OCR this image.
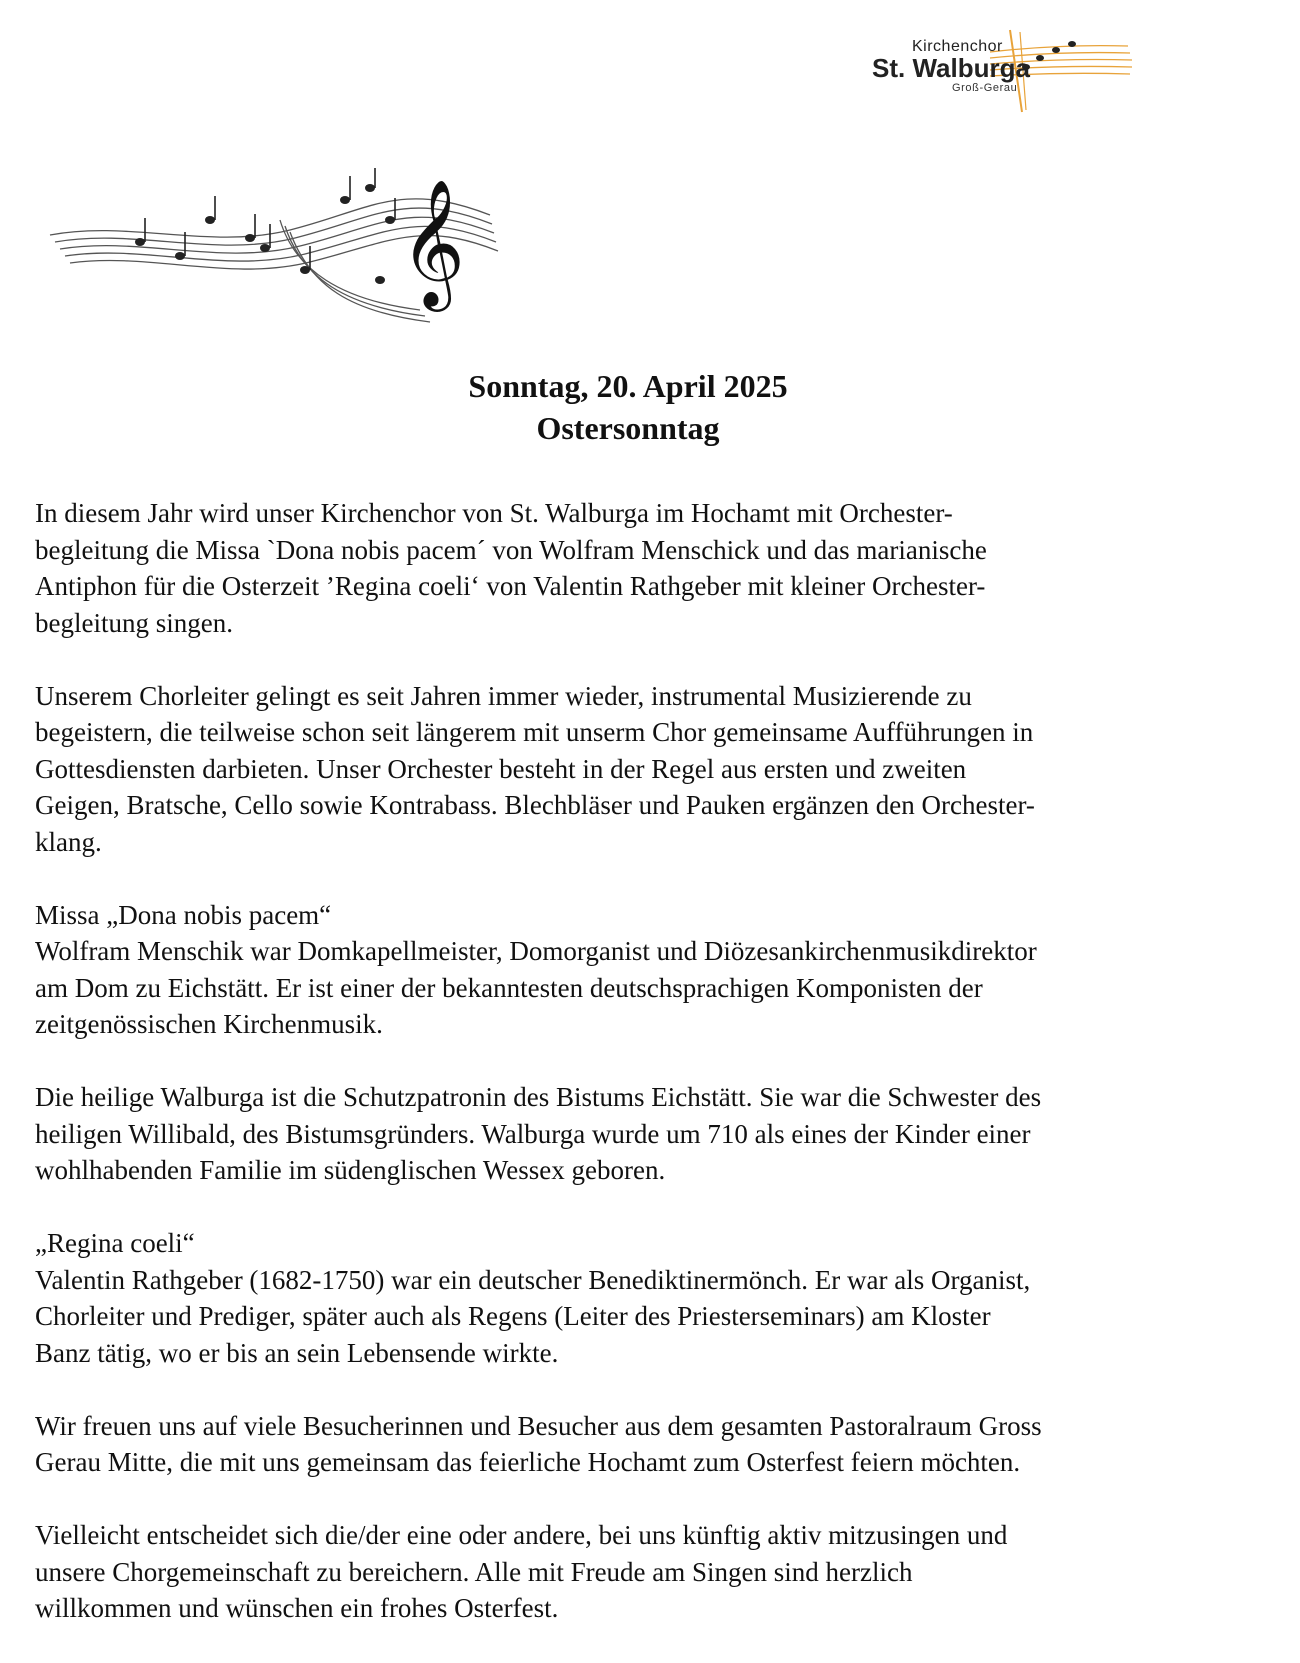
Kirchenchor
St. Walburga
Groß-Gerau
𝄞
Sonntag, 20. April 2025
Ostersonntag

In diesem Jahr wird unser Kirchenchor von St. Walburga im Hochamt mit Orchester-
begleitung die Missa `Dona nobis pacem´ von Wolfram Menschick und das marianische
Antiphon für die Osterzeit ’Regina coeli‘ von Valentin Rathgeber mit kleiner Orchester-
begleitung singen.

Unserem Chorleiter gelingt es seit Jahren immer wieder, instrumental Musizierende zu
begeistern, die teilweise schon seit längerem mit unserm Chor gemeinsame Aufführungen in
Gottesdiensten darbieten. Unser Orchester besteht in der Regel aus ersten und zweiten
Geigen, Bratsche, Cello sowie Kontrabass. Blechbläser und Pauken ergänzen den Orchester-
klang.

Missa „Dona nobis pacem“
Wolfram Menschik war Domkapellmeister, Domorganist und Diözesankirchenmusikdirektor
am Dom zu Eichstätt. Er ist einer der bekanntesten deutschsprachigen Komponisten der
zeitgenössischen Kirchenmusik.

Die heilige Walburga ist die Schutzpatronin des Bistums Eichstätt. Sie war die Schwester des
heiligen Willibald, des Bistumsgründers. Walburga wurde um 710 als eines der Kinder einer
wohlhabenden Familie im südenglischen Wessex geboren.

„Regina coeli“
Valentin Rathgeber (1682-1750) war ein deutscher Benediktinermönch. Er war als Organist,
Chorleiter und Prediger, später auch als Regens (Leiter des Priesterseminars) am Kloster
Banz tätig, wo er bis an sein Lebensende wirkte.

Wir freuen uns auf viele Besucherinnen und Besucher aus dem gesamten Pastoralraum Gross
Gerau Mitte, die mit uns gemeinsam das feierliche Hochamt zum Osterfest feiern möchten.

Vielleicht entscheidet sich die/der eine oder andere, bei uns künftig aktiv mitzusingen und
unsere Chorgemeinschaft zu bereichern. Alle mit Freude am Singen sind herzlich
willkommen und wünschen ein frohes Osterfest.
